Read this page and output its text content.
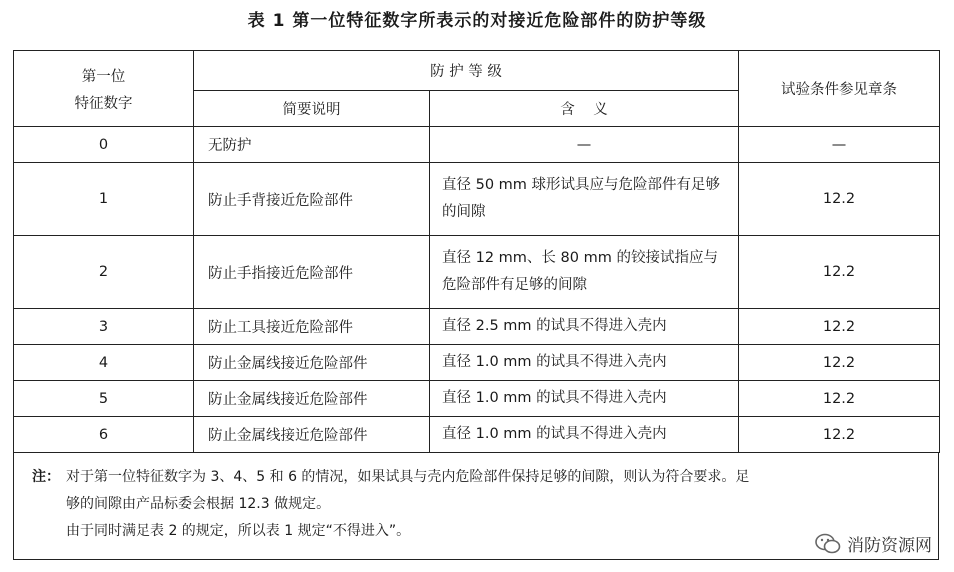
表 1 第一位特征数字所表示的对接近危险部件的防护等级
第一位
特征数字	防 护 等 级		试验条件参见章条
	简要说明	含    义	
0	无防护	—	—
1	防止手背接近危险部件	直径 50 mm 球形试具应与危险部件有足够的间隙	12.2
2	防止手指接近危险部件	直径 12 mm、长 80 mm 的铰接试指应与危险部件有足够的间隙	12.2
3	防止工具接近危险部件	直径 2.5 mm 的试具不得进入壳内	12.2
4	防止金属线接近危险部件	直径 1.0 mm 的试具不得进入壳内	12.2
5	防止金属线接近危险部件	直径 1.0 mm 的试具不得进入壳内	12.2
6	防止金属线接近危险部件	直径 1.0 mm 的试具不得进入壳内	12.2
注： 对于第一位特征数字为 3、4、5 和 6 的情况，如果试具与壳内危险部件保持足够的间隙，则认为符合要求。足
够的间隙由产品标委会根据 12.3 做规定。
由于同时满足表 2 的规定，所以表 1 规定“不得进入”。
消防资源网
